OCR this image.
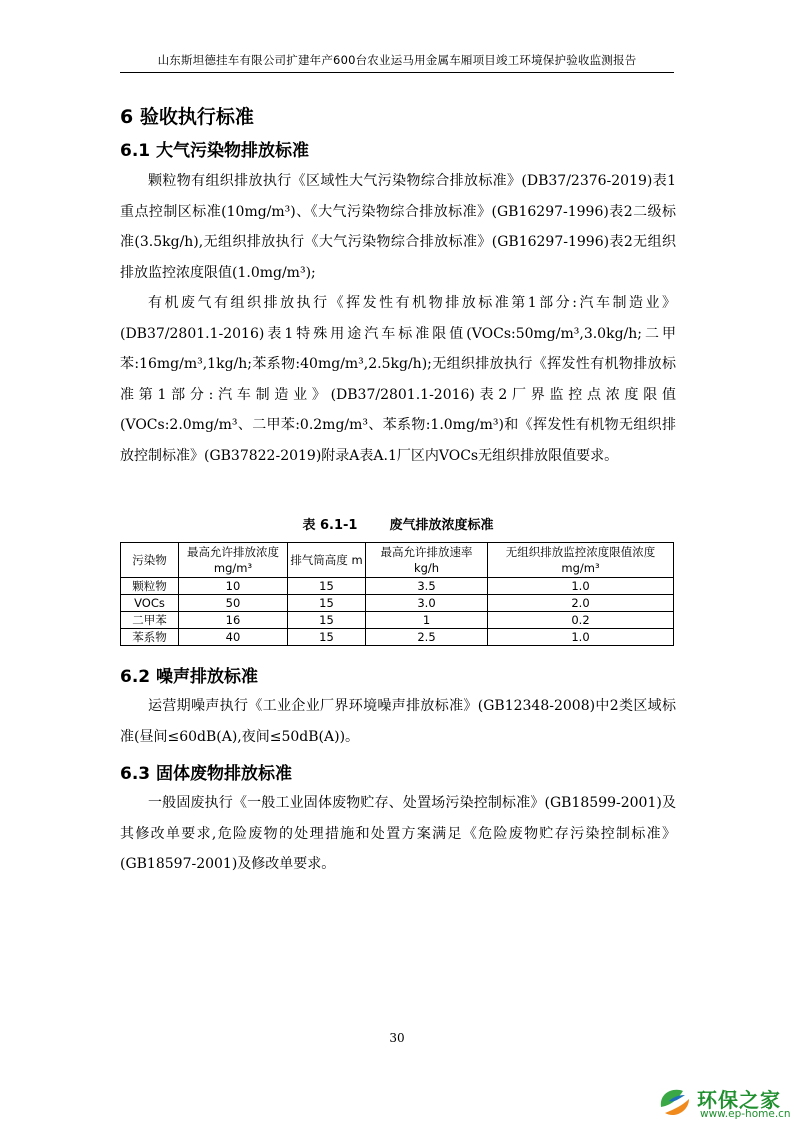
山东斯坦德挂车有限公司扩建年产600台农业运马用金属车厢项目竣工环境保护验收监测报告
6 验收执行标准
6.1 大气污染物排放标准

颗粒物有组织排放执行《区域性大气污染物综合排放标准》(DB37/2376-2019)表1重点控制区标准(10mg/m³)、《大气污染物综合排放标准》(GB16297-1996)表2二级标准(3.5kg/h),无组织排放执行《大气污染物综合排放标准》(GB16297-1996)表2无组织排放监控浓度限值(1.0mg/m³);

有机废气有组织排放执行《挥发性有机物排放标准第1部分:汽车制造业》(DB37/2801.1-2016)表1特殊用途汽车标准限值(VOCs:50mg/m³,3.0kg/h;二甲苯:16mg/m³,1kg/h;苯系物:40mg/m³,2.5kg/h);无组织排放执行《挥发性有机物排放标准第1部分:汽车制造业》(DB37/2801.1-2016)表2厂界监控点浓度限值(VOCs:2.0mg/m³、二甲苯:0.2mg/m³、苯系物:1.0mg/m³)和《挥发性有机物无组织排放控制标准》(GB37822-2019)附录A表A.1厂区内VOCs无组织排放限值要求。

表 6.1-1 废气排放浓度标准
污染物	最高允许排放浓度 mg/m³	排气筒高度 m	最高允许排放速率 kg/h	无组织排放监控浓度限值浓度 mg/m³
颗粒物	10	15	3.5	1.0
VOCs	50	15	3.0	2.0
二甲苯	16	15	1	0.2
苯系物	40	15	2.5	1.0
6.2 噪声排放标准

运营期噪声执行《工业企业厂界环境噪声排放标准》(GB12348-2008)中2类区域标准(昼间≤60dB(A),夜间≤50dB(A))。

6.3 固体废物排放标准

一般固废执行《一般工业固体废物贮存、处置场污染控制标准》(GB18599-2001)及其修改单要求,危险废物的处理措施和处置方案满足《危险废物贮存污染控制标准》(GB18597-2001)及修改单要求。

30
环保之家
www.ep-home.cn
